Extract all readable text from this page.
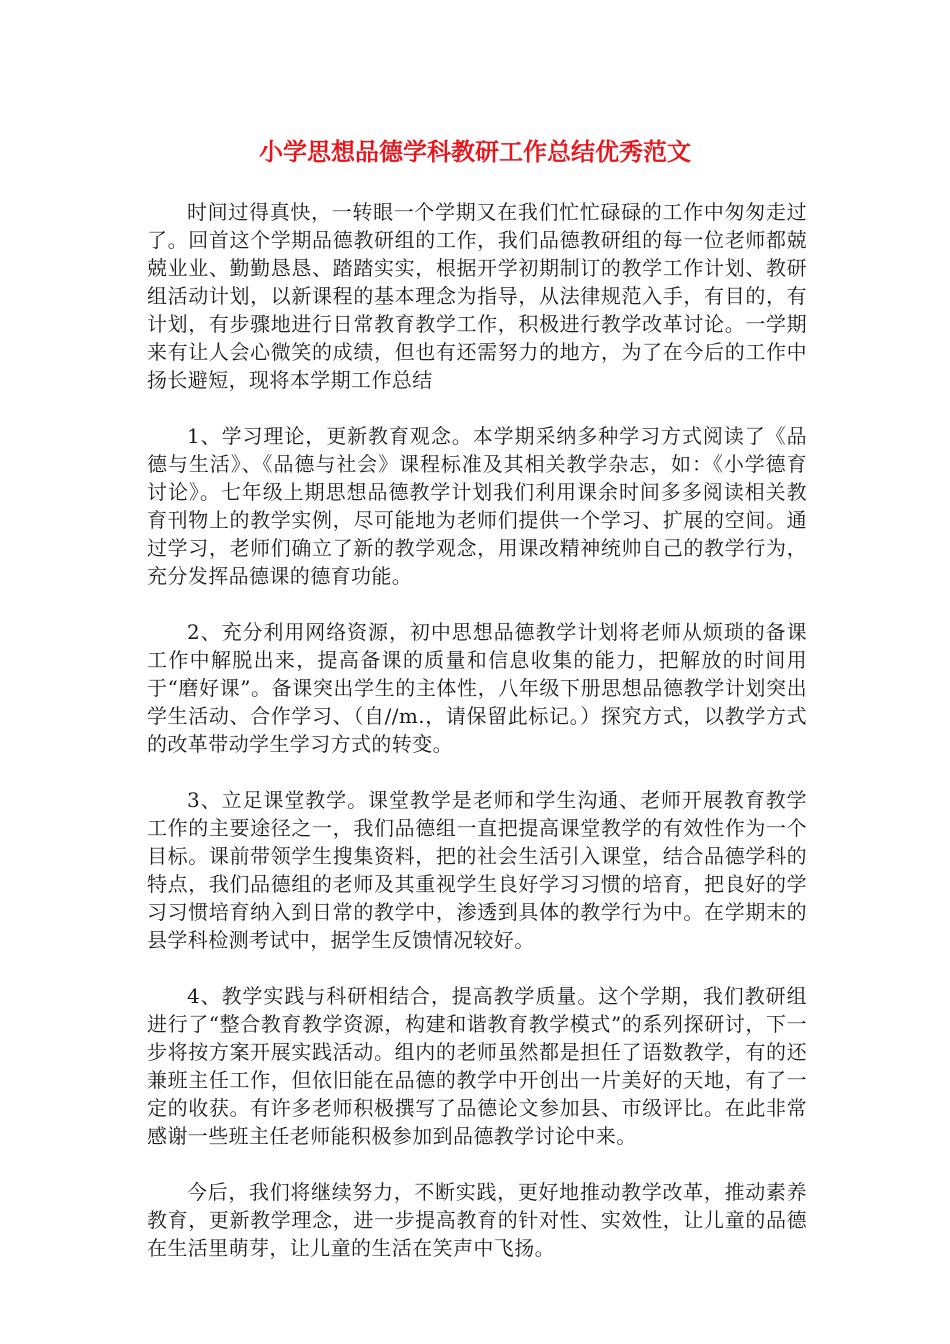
小学思想品德学科教研工作总结优秀范文

时间过得真快，一转眼一个学期又在我们忙忙碌碌的工作中匆匆走过了。回首这个学期品德教研组的工作，我们品德教研组的每一位老师都兢兢业业、勤勤恳恳、踏踏实实，根据开学初期制订的教学工作计划、教研组活动计划，以新课程的基本理念为指导，从法律规范入手，有目的，有计划，有步骤地进行日常教育教学工作，积极进行教学改革讨论。一学期来有让人会心微笑的成绩，但也有还需努力的地方，为了在今后的工作中扬长避短，现将本学期工作总结

1、学习理论，更新教育观念。本学期采纳多种学习方式阅读了《品德与生活》、《品德与社会》课程标准及其相关教学杂志，如：《小学德育讨论》。七年级上期思想品德教学计划我们利用课余时间多多阅读相关教育刊物上的教学实例，尽可能地为老师们提供一个学习、扩展的空间。通过学习，老师们确立了新的教学观念，用课改精神统帅自己的教学行为，充分发挥品德课的德育功能。

2、充分利用网络资源，初中思想品德教学计划将老师从烦琐的备课工作中解脱出来，提高备课的质量和信息收集的能力，把解放的时间用于“磨好课”。备课突出学生的主体性，八年级下册思想品德教学计划突出学生活动、合作学习、（自//m.，请保留此标记。）探究方式，以教学方式的改革带动学生学习方式的转变。

3、立足课堂教学。课堂教学是老师和学生沟通、老师开展教育教学工作的主要途径之一，我们品德组一直把提高课堂教学的有效性作为一个目标。课前带领学生搜集资料，把的社会生活引入课堂，结合品德学科的特点，我们品德组的老师及其重视学生良好学习习惯的培育，把良好的学习习惯培育纳入到日常的教学中，渗透到具体的教学行为中。在学期末的县学科检测考试中，据学生反馈情况较好。

4、教学实践与科研相结合，提高教学质量。这个学期，我们教研组进行了“整合教育教学资源，构建和谐教育教学模式”的系列探研讨，下一步将按方案开展实践活动。组内的老师虽然都是担任了语数教学，有的还兼班主任工作，但依旧能在品德的教学中开创出一片美好的天地，有了一定的收获。有许多老师积极撰写了品德论文参加县、市级评比。在此非常感谢一些班主任老师能积极参加到品德教学讨论中来。

今后，我们将继续努力，不断实践，更好地推动教学改革，推动素养教育，更新教学理念，进一步提高教育的针对性、实效性，让儿童的品德在生活里萌芽，让儿童的生活在笑声中飞扬。
